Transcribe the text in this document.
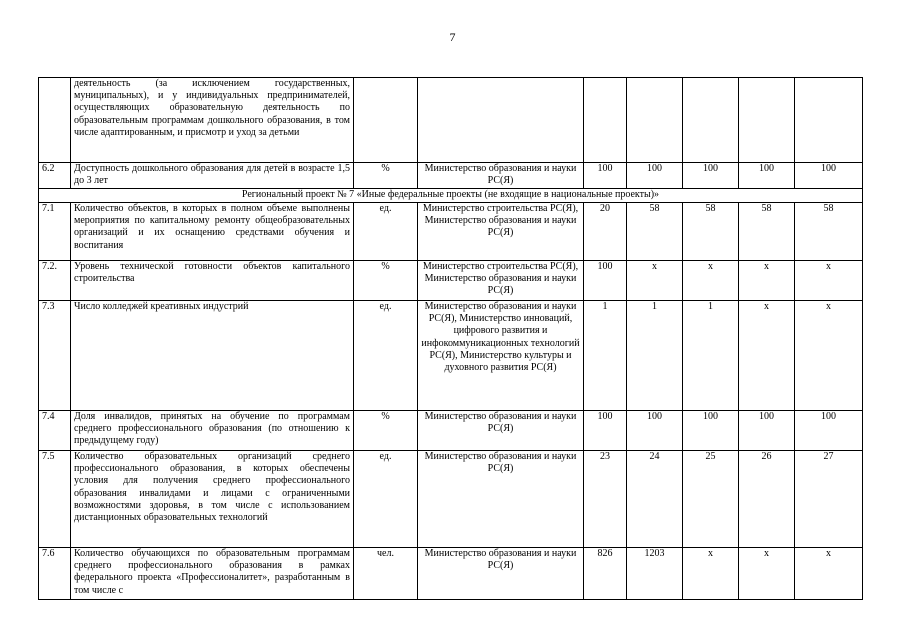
7
	деятельность (за исключением государственных, муниципальных), и у индивидуальных предпринимателей, осуществляющих образовательную деятельность по образовательным программам дошкольного образования, в том числе адаптированным, и присмотр и уход за детьми							
6.2	Доступность дошкольного образования для детей в возрасте 1,5 до 3 лет	%	Министерство образования и науки РС(Я)	100	100	100	100	100
Региональный проект № 7 «Иные федеральные проекты (не входящие в национальные проекты)»								
7.1	Количество объектов, в которых в полном объеме выполнены мероприятия по капитальному ремонту общеобразовательных организаций и их оснащению средствами обучения и воспитания	ед.	Министерство строительства РС(Я), Министерство образования и науки РС(Я)	20	58	58	58	58
7.2.	Уровень технической готовности объектов капитального строительства	%	Министерство строительства РС(Я), Министерство образования и науки РС(Я)	100	x	x	x	x
7.3	Число колледжей креативных индустрий	ед.	Министерство образования и науки РС(Я), Министерство инноваций, цифрового развития и инфокоммуникационных технологий РС(Я), Министерство культуры и духовного развития РС(Я)	1	1	1	x	x
7.4	Доля инвалидов, принятых на обучение по программам среднего профессионального образования (по отношению к предыдущему году)	%	Министерство образования и науки РС(Я)	100	100	100	100	100
7.5	Количество образовательных организаций среднего профессионального образования, в которых обеспечены условия для получения среднего профессионального образования инвалидами и лицами с ограниченными возможностями здоровья, в том числе с использованием дистанционных образовательных технологий	ед.	Министерство образования и науки РС(Я)	23	24	25	26	27
7.6	Количество обучающихся по образовательным программам среднего профессионального образования в рамках федерального проекта «Профессионалитет», разработанным в том числе с	чел.	Министерство образования и науки РС(Я)	826	1203	x	x	x
